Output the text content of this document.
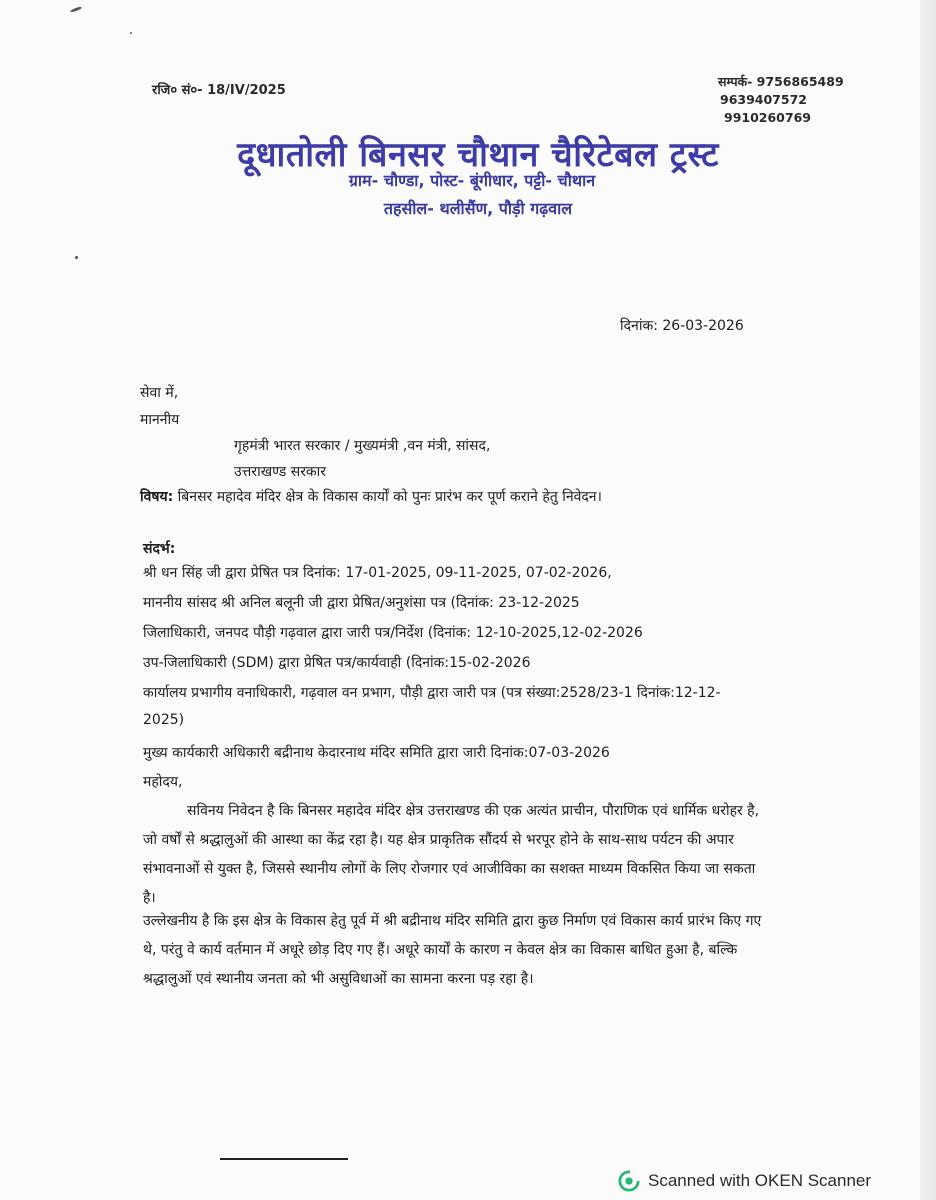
रजि० सं०- 18/IV/2025
सम्पर्क- 9756865489
9639407572
9910260769
दूधातोली बिनसर चौथान चैरिटेबल ट्रस्ट
ग्राम- चौण्डा, पोस्ट- बूंगीधार, पट्टी- चौथान
तहसील- थलीसैंण, पौड़ी गढ़वाल
दिनांक: 26-03-2026
सेवा में,
माननीय
गृहमंत्री भारत सरकार / मुख्यमंत्री ,वन मंत्री, सांसद,
उत्तराखण्ड सरकार
विषय: बिनसर महादेव मंदिर क्षेत्र के विकास कार्यों को पुनः प्रारंभ कर पूर्ण कराने हेतु निवेदन।
संदर्भ:
श्री धन सिंह जी द्वारा प्रेषित पत्र दिनांक: 17-01-2025, 09-11-2025, 07-02-2026,
माननीय सांसद श्री अनिल बलूनी जी द्वारा प्रेषित/अनुशंसा पत्र (दिनांक: 23-12-2025
जिलाधिकारी, जनपद पौड़ी गढ़वाल द्वारा जारी पत्र/निर्देश (दिनांक: 12-10-2025,12-02-2026
उप-जिलाधिकारी (SDM) द्वारा प्रेषित पत्र/कार्यवाही (दिनांक:15-02-2026
कार्यालय प्रभागीय वनाधिकारी, गढ़वाल वन प्रभाग, पौड़ी द्वारा जारी पत्र (पत्र संख्या:2528/23-1 दिनांक:12-12-
2025)
मुख्य कार्यकारी अधिकारी बद्रीनाथ केदारनाथ मंदिर समिति द्वारा जारी दिनांक:07-03-2026
महोदय,
सविनय निवेदन है कि बिनसर महादेव मंदिर क्षेत्र उत्तराखण्ड की एक अत्यंत प्राचीन, पौराणिक एवं धार्मिक धरोहर है, जो वर्षों से श्रद्धालुओं की आस्था का केंद्र रहा है। यह क्षेत्र प्राकृतिक सौंदर्य से भरपूर होने के साथ-साथ पर्यटन की अपार संभावनाओं से युक्त है, जिससे स्थानीय लोगों के लिए रोजगार एवं आजीविका का सशक्त माध्यम विकसित किया जा सकता है।
उल्लेखनीय है कि इस क्षेत्र के विकास हेतु पूर्व में श्री बद्रीनाथ मंदिर समिति द्वारा कुछ निर्माण एवं विकास कार्य प्रारंभ किए गए थे, परंतु वे कार्य वर्तमान में अधूरे छोड़ दिए गए हैं। अधूरे कार्यों के कारण न केवल क्षेत्र का विकास बाधित हुआ है, बल्कि श्रद्धालुओं एवं स्थानीय जनता को भी असुविधाओं का सामना करना पड़ रहा है।
Scanned with OKEN Scanner
